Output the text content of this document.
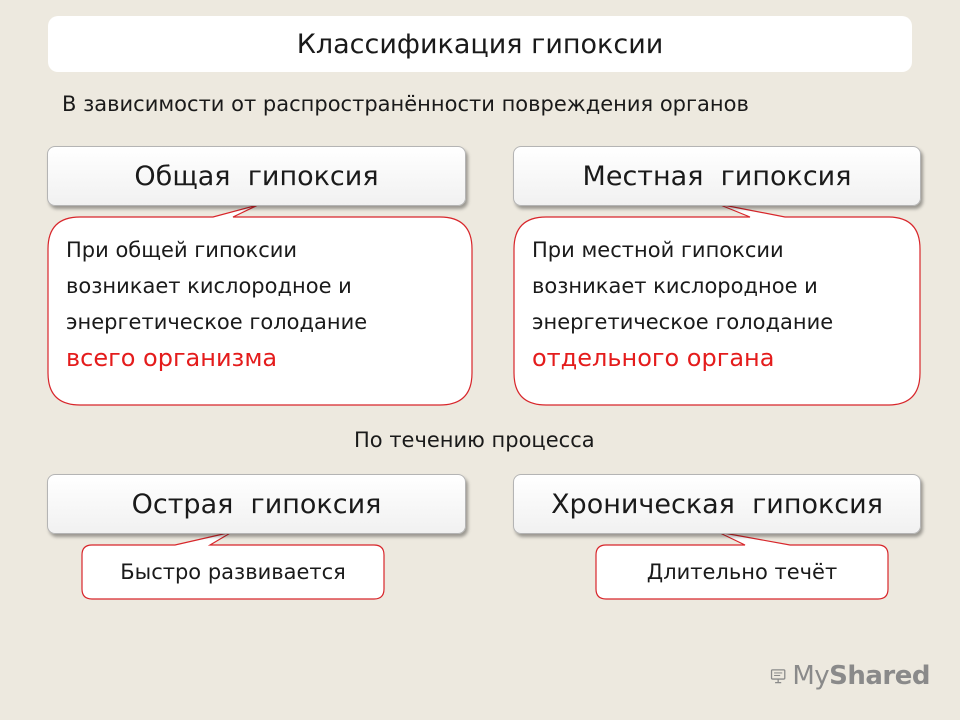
Классификация гипоксии
В зависимости от распространённости повреждения органов
Общая  гипоксия	Местная  гипоксия
При общей гипоксии
возникает кислородное и
энергетическое голодание
всего организма
При местной гипоксии
возникает кислородное и
энергетическое голодание
отдельного органа
По течению процесса
Острая  гипоксия	Хроническая  гипоксия
Быстро развивается	Длительно течёт
MyShared
